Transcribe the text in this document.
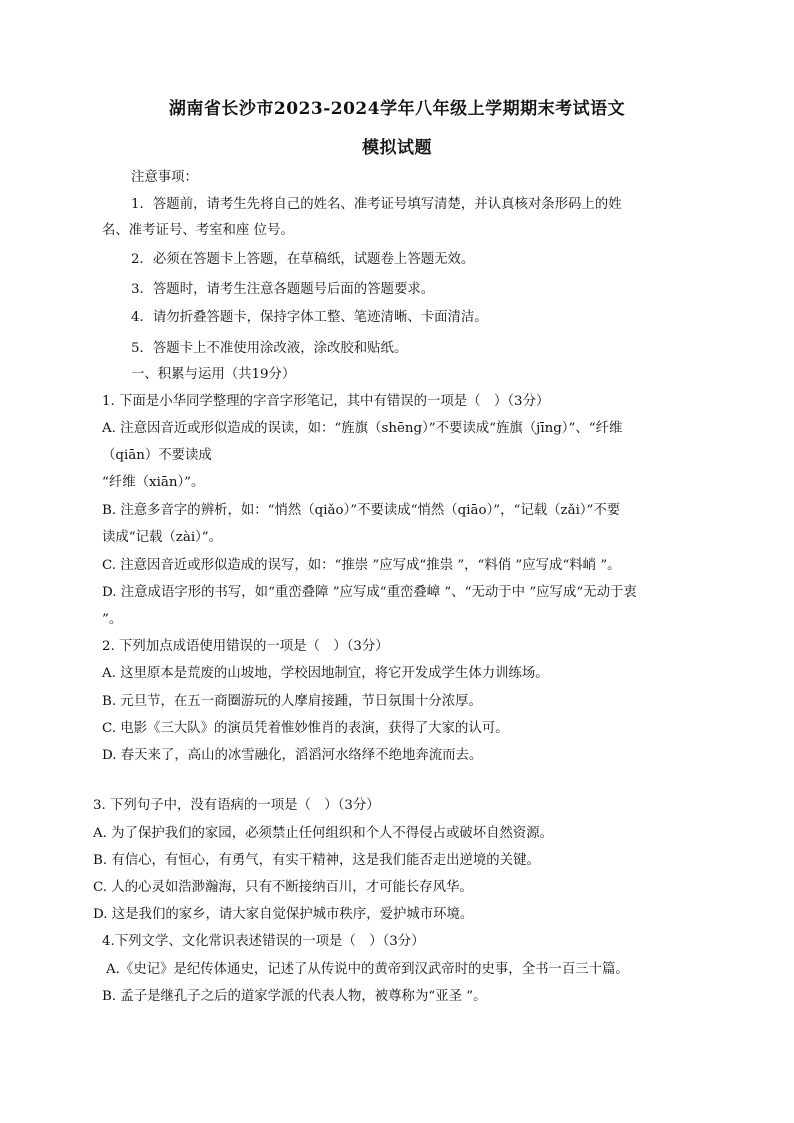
湖南省长沙市2023-2024学年八年级上学期期末考试语文
模拟试题
注意事项：
1．答题前，请考生先将自己的姓名、准考证号填写清楚，并认真核对条形码上的姓
名、准考证号、考室和座 位号。
2．必须在答题卡上答题，在草稿纸，试题卷上答题无效。
3．答题时，请考生注意各题题号后面的答题要求。
4．请勿折叠答题卡，保持字体工整、笔迹清晰、卡面清洁。
5．答题卡上不准使用涂改液，涂改胶和贴纸。
一、积累与运用（共19分）
1. 下面是小华同学整理的字音字形笔记，其中有错误的一项是（　）（3分）
A. 注意因音近或形似造成的误读，如：“旌旗（shēng）”不要读成“旌旗（jīng）”、“纤维
（qiān）不要读成
“纤维（xiān）”。
B. 注意多音字的辨析，如：“悄然（qiǎo）”不要读成“悄然（qiāo）”，“记载（zǎi）”不要
读成“记载（zài）”。
C. 注意因音近或形似造成的误写，如：“推崇 ”应写成“推祟 ”，“料俏 ”应写成“料峭 ”。
D. 注意成语字形的书写，如“重峦叠障 ”应写成“重峦叠嶂 ”、“无动于中 ”应写成“无动于衷
”。
2. 下列加点成语使用错误的一项是（　）（3分）
A. 这里原本是荒废的山坡地，学校因地制宜，将它开发成学生体力训练场。
B. 元旦节，在五一商圈游玩的人摩肩接踵，节日氛围十分浓厚。
C. 电影《三大队》的演员凭着惟妙惟肖的表演，获得了大家的认可。
D. 春天来了，高山的冰雪融化，滔滔河水络绎不绝地奔流而去。
3. 下列句子中，没有语病的一项是（　）（3分）
A. 为了保护我们的家园，必须禁止任何组织和个人不得侵占或破坏自然资源。
B. 有信心，有恒心，有勇气，有实干精神，这是我们能否走出逆境的关键。
C. 人的心灵如浩渺瀚海，只有不断接纳百川，才可能长存风华。
D. 这是我们的家乡，请大家自觉保护城市秩序，爱护城市环境。
4.下列文学、文化常识表述错误的一项是（　）（3分）
A.《史记》是纪传体通史，记述了从传说中的黄帝到汉武帝时的史事，全书一百三十篇。
B. 孟子是继孔子之后的道家学派的代表人物，被尊称为“亚圣 ”。
